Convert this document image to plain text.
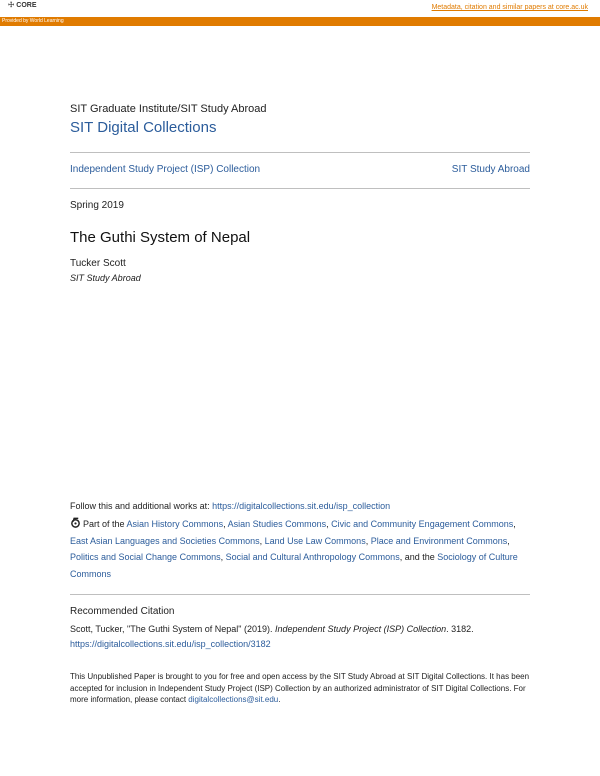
☩ CORE	Metadata, citation and similar papers at core.ac.uk
Provided by World Learning
SIT Graduate Institute/SIT Study Abroad
SIT Digital Collections
Independent Study Project (ISP) Collection	SIT Study Abroad
Spring 2019
The Guthi System of Nepal
Tucker Scott
SIT Study Abroad
Follow this and additional works at: https://digitalcollections.sit.edu/isp_collection
Part of the Asian History Commons, Asian Studies Commons, Civic and Community Engagement Commons, East Asian Languages and Societies Commons, Land Use Law Commons, Place and Environment Commons, Politics and Social Change Commons, Social and Cultural Anthropology Commons, and the Sociology of Culture Commons
Recommended Citation
Scott, Tucker, "The Guthi System of Nepal" (2019). Independent Study Project (ISP) Collection. 3182.
https://digitalcollections.sit.edu/isp_collection/3182
This Unpublished Paper is brought to you for free and open access by the SIT Study Abroad at SIT Digital Collections. It has been accepted for inclusion in Independent Study Project (ISP) Collection by an authorized administrator of SIT Digital Collections. For more information, please contact digitalcollections@sit.edu.
